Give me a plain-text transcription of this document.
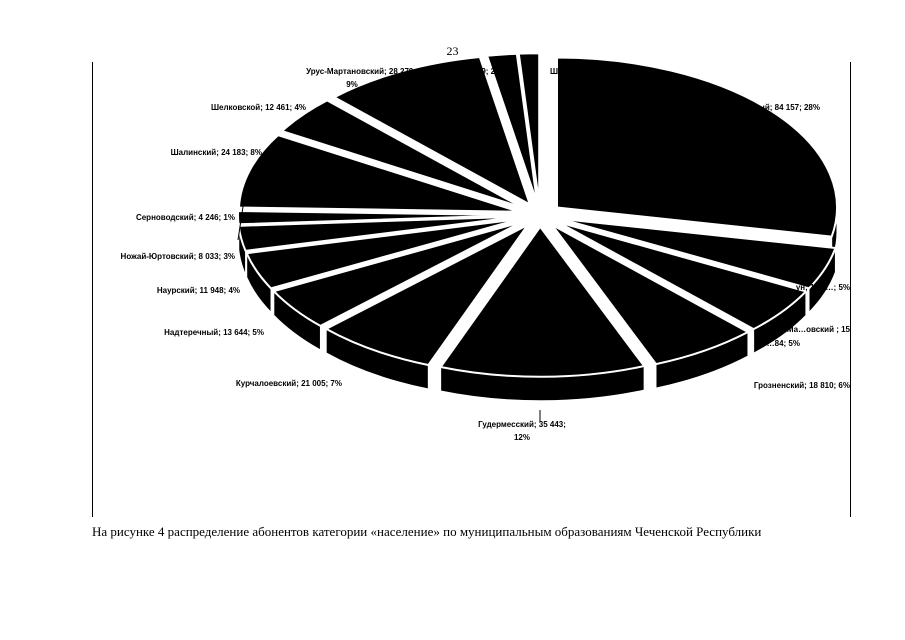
23
Грозный; 84 157; 28%
ун; 13 6…; 5%
Ачхой-Ма…овский ; 15
…84; 5%
Грозненский; 18 810; 6%
Гудермесский; 35 443;
12%
Курчалоевский; 21 005; 7%
Надтеречный; 13 644; 5%
Наурский; 11 948; 4%
Ножай-Юртовский; 8 033; 3%
Серноводский; 4 246; 1%
Шалинский; 24 183; 8%
Шелковской; 12 461; 4%
Урус-Мартановский; 28 279;
9%
Веденский; 5 099; 2%	Шатойский; 3 477; 1%
На рисунке 4 распределение абонентов категории «население» по муниципальным образованиям Чеченской Республики
